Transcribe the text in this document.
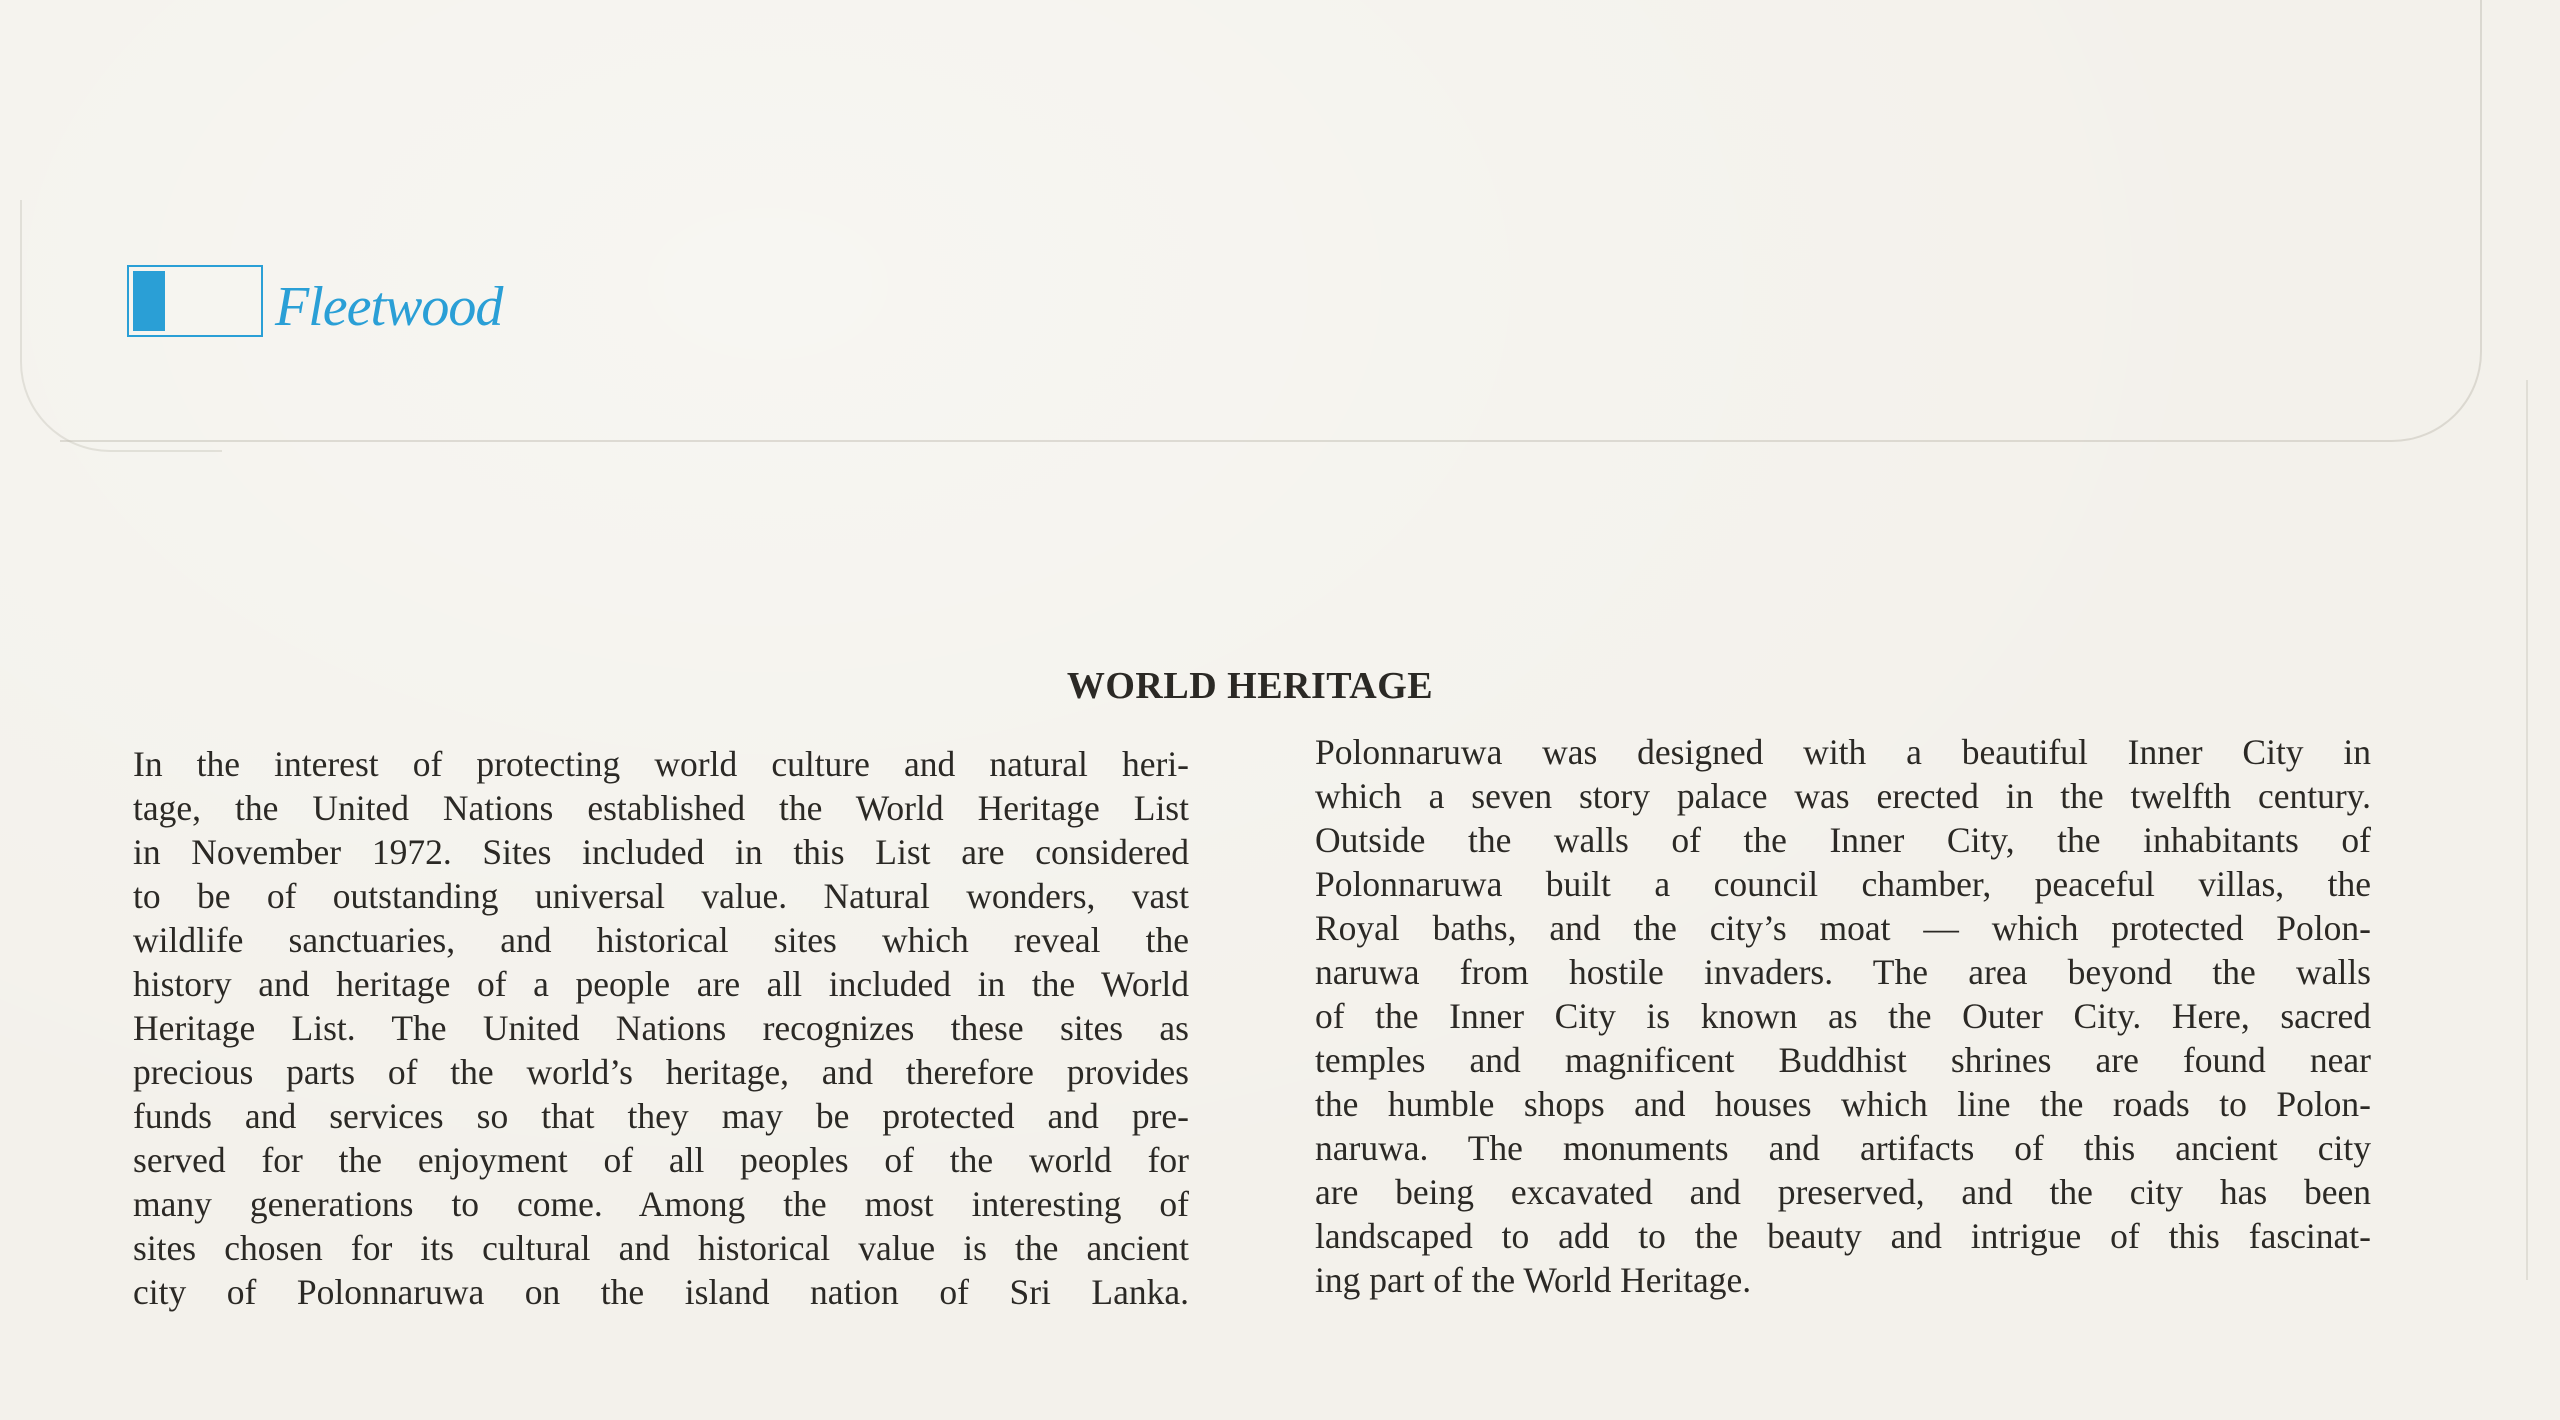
Fleetwood
WORLD HERITAGE
In the interest of protecting world culture and natural heri-
tage, the United Nations established the World Heritage List
in November 1972. Sites included in this List are considered
to be of outstanding universal value. Natural wonders, vast
wildlife sanctuaries, and historical sites which reveal the
history and heritage of a people are all included in the World
Heritage List. The United Nations recognizes these sites as
precious parts of the world’s heritage, and therefore provides
funds and services so that they may be protected and pre-
served for the enjoyment of all peoples of the world for
many generations to come. Among the most interesting of
sites chosen for its cultural and historical value is the ancient
city of Polonnaruwa on the island nation of Sri Lanka.
Polonnaruwa was designed with a beautiful Inner City in
which a seven story palace was erected in the twelfth century.
Outside the walls of the Inner City, the inhabitants of
Polonnaruwa built a council chamber, peaceful villas, the
Royal baths, and the city’s moat — which protected Polon-
naruwa from hostile invaders. The area beyond the walls
of the Inner City is known as the Outer City. Here, sacred
temples and magnificent Buddhist shrines are found near
the humble shops and houses which line the roads to Polon-
naruwa. The monuments and artifacts of this ancient city
are being excavated and preserved, and the city has been
landscaped to add to the beauty and intrigue of this fascinat-
ing part of the World Heritage.
